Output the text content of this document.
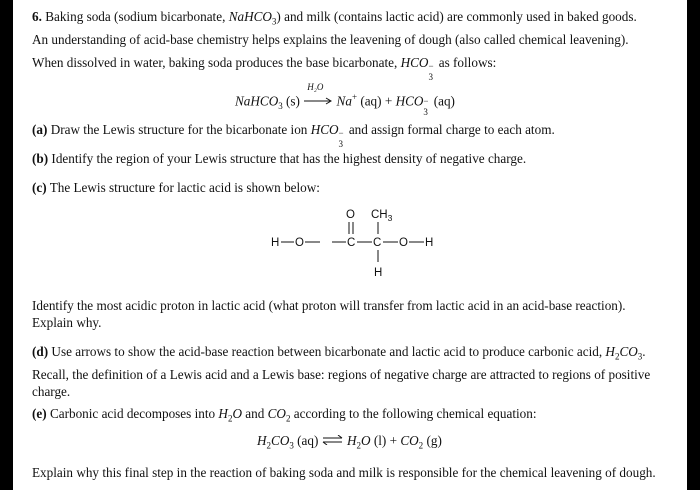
6. Baking soda (sodium bicarbonate, NaHCO$_3$) and milk (contains lactic acid) are commonly used in baked goods.
An understanding of acid-base chemistry helps explains the leavening of dough (also called chemical leavening).
When dissolved in water, baking soda produces the base bicarbonate, HCO
3
− as follows:
NaHCO$_3$ (s)
H₂O
Na+ (aq) + HCO
3
− (aq)
(a) Draw the Lewis structure for the bicarbonate ion HCO
3
− and assign formal charge to each atom.
(b) Identify the region of your Lewis structure that has the highest density of negative charge.
(c) The Lewis structure for lactic acid is shown below:
O $CH_3$
H O	C C O H
H
Identify the most acidic proton in lactic acid (what proton will transfer from lactic acid in an acid-base reaction).
Explain why.
(d) Use arrows to show the acid-base reaction between bicarbonate and lactic acid to produce carbonic acid, $H_2CO_3$.
Recall, the definition of a Lewis acid and a Lewis base: regions of negative charge are attracted to regions of positive
charge.
(e) Carbonic acid decomposes into $H_2O$ and $CO_2$ according to the following chemical equation:
$H_2CO_3$ (aq) ⇌ $H_2O$ $(l) + CO_2$ (g)
Explain why this final step in the reaction of baking soda and milk is responsible for the chemical leavening of dough.
